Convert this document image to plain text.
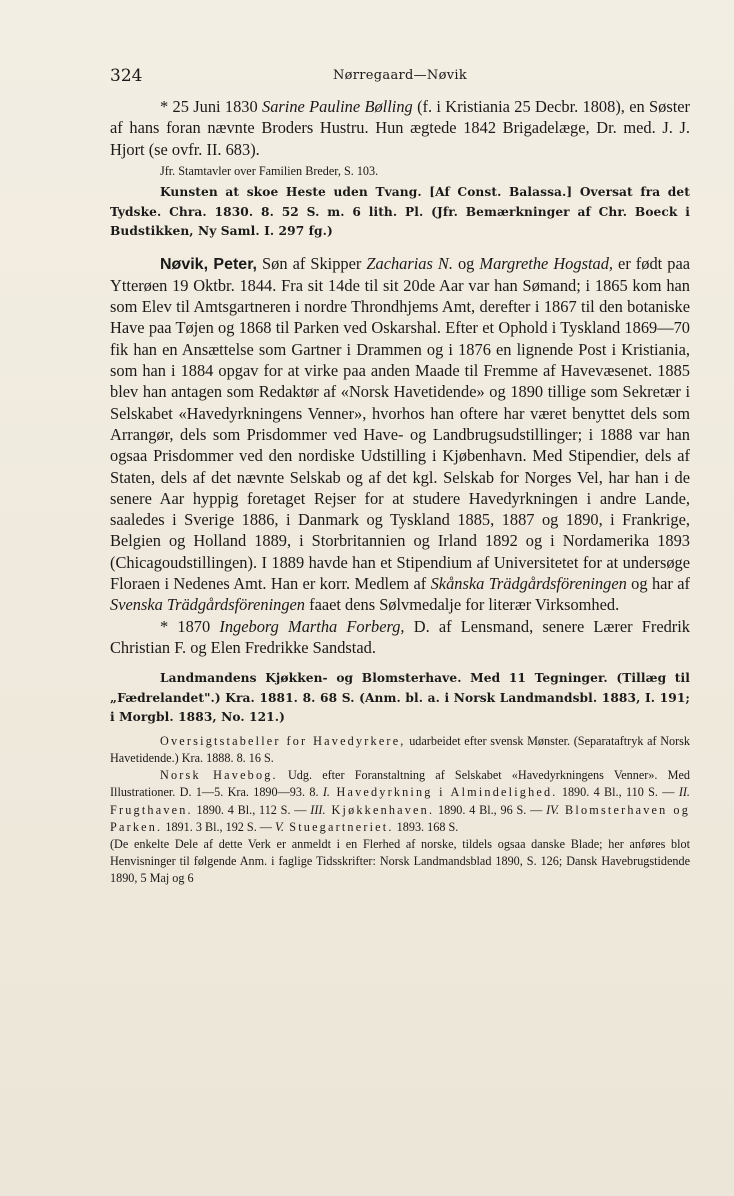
324	Nørregaard—Nøvik

* 25 Juni 1830 Sarine Pauline Bølling (f. i Kristiania 25 Decbr. 1808), en Søster af hans foran nævnte Broders Hustru. Hun ægtede 1842 Brigadelæge, Dr. med. J. J. Hjort (se ovfr. II. 683).

Jfr. Stamtavler over Familien Breder, S. 103.

Kunsten at skoe Heste uden Tvang. [Af Const. Balassa.] Oversat fra det Tydske. Chra. 1830. 8. 52 S. m. 6 lith. Pl. (Jfr. Bemærkninger af Chr. Boeck i Budstikken, Ny Saml. I. 297 fg.)

Nøvik, Peter, Søn af Skipper Zacharias N. og Margrethe Hogstad, er født paa Ytterøen 19 Oktbr. 1844. Fra sit 14de til sit 20de Aar var han Sømand; i 1865 kom han som Elev til Amtsgartneren i nordre Throndhjems Amt, derefter i 1867 til den botaniske Have paa Tøjen og 1868 til Parken ved Oskarshal. Efter et Ophold i Tyskland 1869—70 fik han en Ansættelse som Gartner i Drammen og i 1876 en lignende Post i Kristiania, som han i 1884 opgav for at virke paa anden Maade til Fremme af Havevæsenet. 1885 blev han antagen som Redaktør af «Norsk Havetidende» og 1890 tillige som Sekretær i Selskabet «Havedyrkningens Venner», hvorhos han oftere har været benyttet dels som Arrangør, dels som Prisdommer ved Have- og Landbrugsudstillinger; i 1888 var han ogsaa Prisdommer ved den nordiske Udstilling i Kjøbenhavn. Med Stipendier, dels af Staten, dels af det nævnte Selskab og af det kgl. Selskab for Norges Vel, har han i de senere Aar hyppig foretaget Rejser for at studere Havedyrkningen i andre Lande, saaledes i Sverige 1886, i Danmark og Tyskland 1885, 1887 og 1890, i Frankrige, Belgien og Holland 1889, i Storbritannien og Irland 1892 og i Nordamerika 1893 (Chicagoudstillingen). I 1889 havde han et Stipendium af Universitetet for at undersøge Floraen i Nedenes Amt. Han er korr. Medlem af Skånska Trädgårdsföreningen og har af Svenska Trädgårdsföreningen faaet dens Sølvmedalje for literær Virksomhed.

* 1870 Ingeborg Martha Forberg, D. af Lensmand, senere Lærer Fredrik Christian F. og Elen Fredrikke Sandstad.

Landmandens Kjøkken- og Blomsterhave. Med 11 Tegninger. (Tillæg til „Fædrelandet".) Kra. 1881. 8. 68 S. (Anm. bl. a. i Norsk Landmandsbl. 1883, I. 191; i Morgbl. 1883, No. 121.)

Oversigtstabeller for Havedyrkere, udarbeidet efter svensk Mønster. (Separataftryk af Norsk Havetidende.) Kra. 1888. 8. 16 S.

Norsk Havebog. Udg. efter Foranstaltning af Selskabet «Havedyrkningens Venner». Med Illustrationer. D. 1—5. Kra. 1890—93. 8. I. Havedyrkning i Almindelighed. 1890. 4 Bl., 110 S. — II. Frugthaven. 1890. 4 Bl., 112 S. — III. Kjøkkenhaven. 1890. 4 Bl., 96 S. — IV. Blomsterhaven og Parken. 1891. 3 Bl., 192 S. — V. Stuegartneriet. 1893. 168 S.

(De enkelte Dele af dette Verk er anmeldt i en Flerhed af norske, tildels ogsaa danske Blade; her anføres blot Henvisninger til følgende Anm. i faglige Tidsskrifter: Norsk Landmandsblad 1890, S. 126; Dansk Havebrugstidende 1890, 5 Maj og 6
